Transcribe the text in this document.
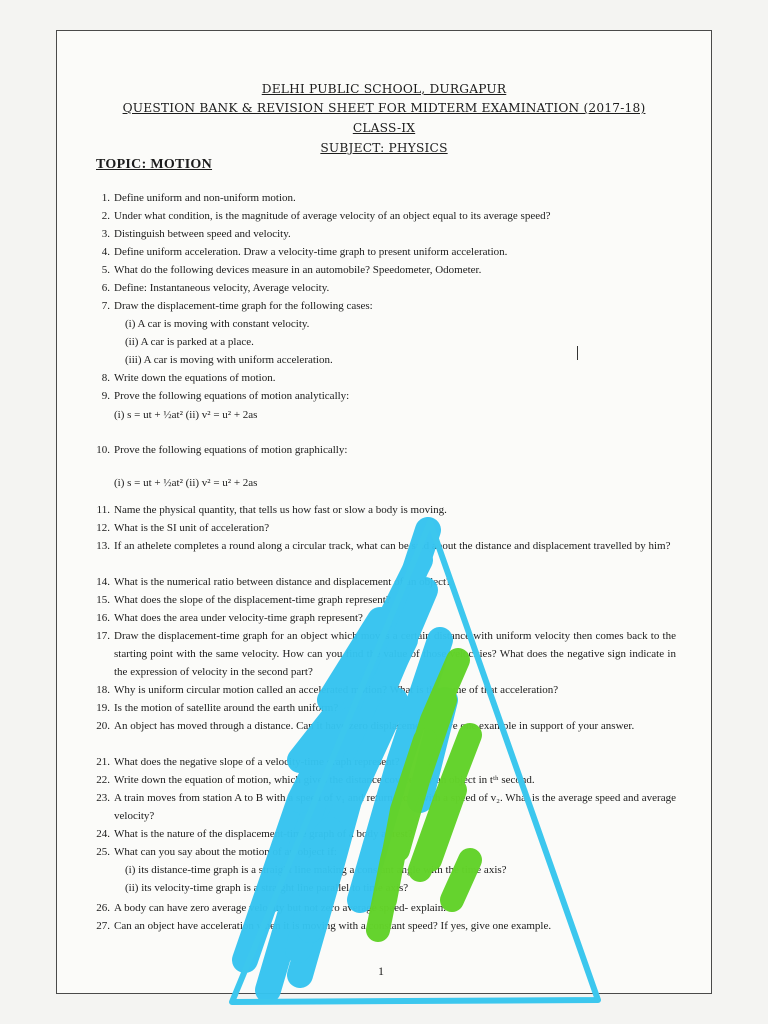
DELHI PUBLIC SCHOOL, DURGAPUR
QUESTION BANK & REVISION SHEET FOR MIDTERM EXAMINATION (2017-18)
CLASS-IX
SUBJECT: PHYSICS
TOPIC: MOTION
1. Define uniform and non-uniform motion.
2. Under what condition, is the magnitude of average velocity of an object equal to its average speed?
3. Distinguish between speed and velocity.
4. Define uniform acceleration. Draw a velocity-time graph to present uniform acceleration.
5. What do the following devices measure in an automobile? Speedometer, Odometer.
6. Define: Instantaneous velocity, Average velocity.
7. Draw the displacement-time graph for the following cases:
(i) A car is moving with constant velocity.
(ii) A car is parked at a place.
(iii) A car is moving with uniform acceleration.
8. Write down the equations of motion.
9. Prove the following equations of motion analytically:
(i) s = ut + ½at² (ii) v² = u² + 2as
10. Prove the following equations of motion graphically:
(i) s = ut + ½at² (ii) v² = u² + 2as
11. Name the physical quantity, that tells us how fast or slow a body is moving.
12. What is the SI unit of acceleration?
13. If an athelete completes a round along a circular track, what can be said about the distance and displacement travelled by him?
14. What is the numerical ratio between distance and displacement of an object?
15. What does the slope of the displacement-time graph represent?
16. What does the area under velocity-time graph represent?
17. Draw the displacement-time graph for an object which moves a certain distance with uniform velocity then comes back to the starting point with the same velocity. How can you find the value of those velocities? What does the negative sign indicate in the expression of velocity in the second part?
18. Why is uniform circular motion called an accelerated motion? What is the name of that acceleration?
19. Is the motion of satellite around the earth uniform?
20. An object has moved through a distance. Can it have zero displacement? Give one example in support of your answer.
21. What does the negative slope of a velocity-time graph represent?
22. Write down the equation of motion, which gives the distance covered by an object in tᵗʰ second.
23. A train moves from station A to B with a speed of v₁ and returns to A with a speed of v₂. What is the average speed and average velocity?
24. What is the nature of the displacement-time graph of a body at rest?
25. What can you say about the motion of an object if:
(i) its distance-time graph is a straight line making a constant angle with the time axis?
(ii) its velocity-time graph is a straight line parallel to time axis?
26. A body can have zero average velocity but not zero average speed- explain.
27. Can an object have acceleration when it is moving with a constant speed? If yes, give one example.
1
